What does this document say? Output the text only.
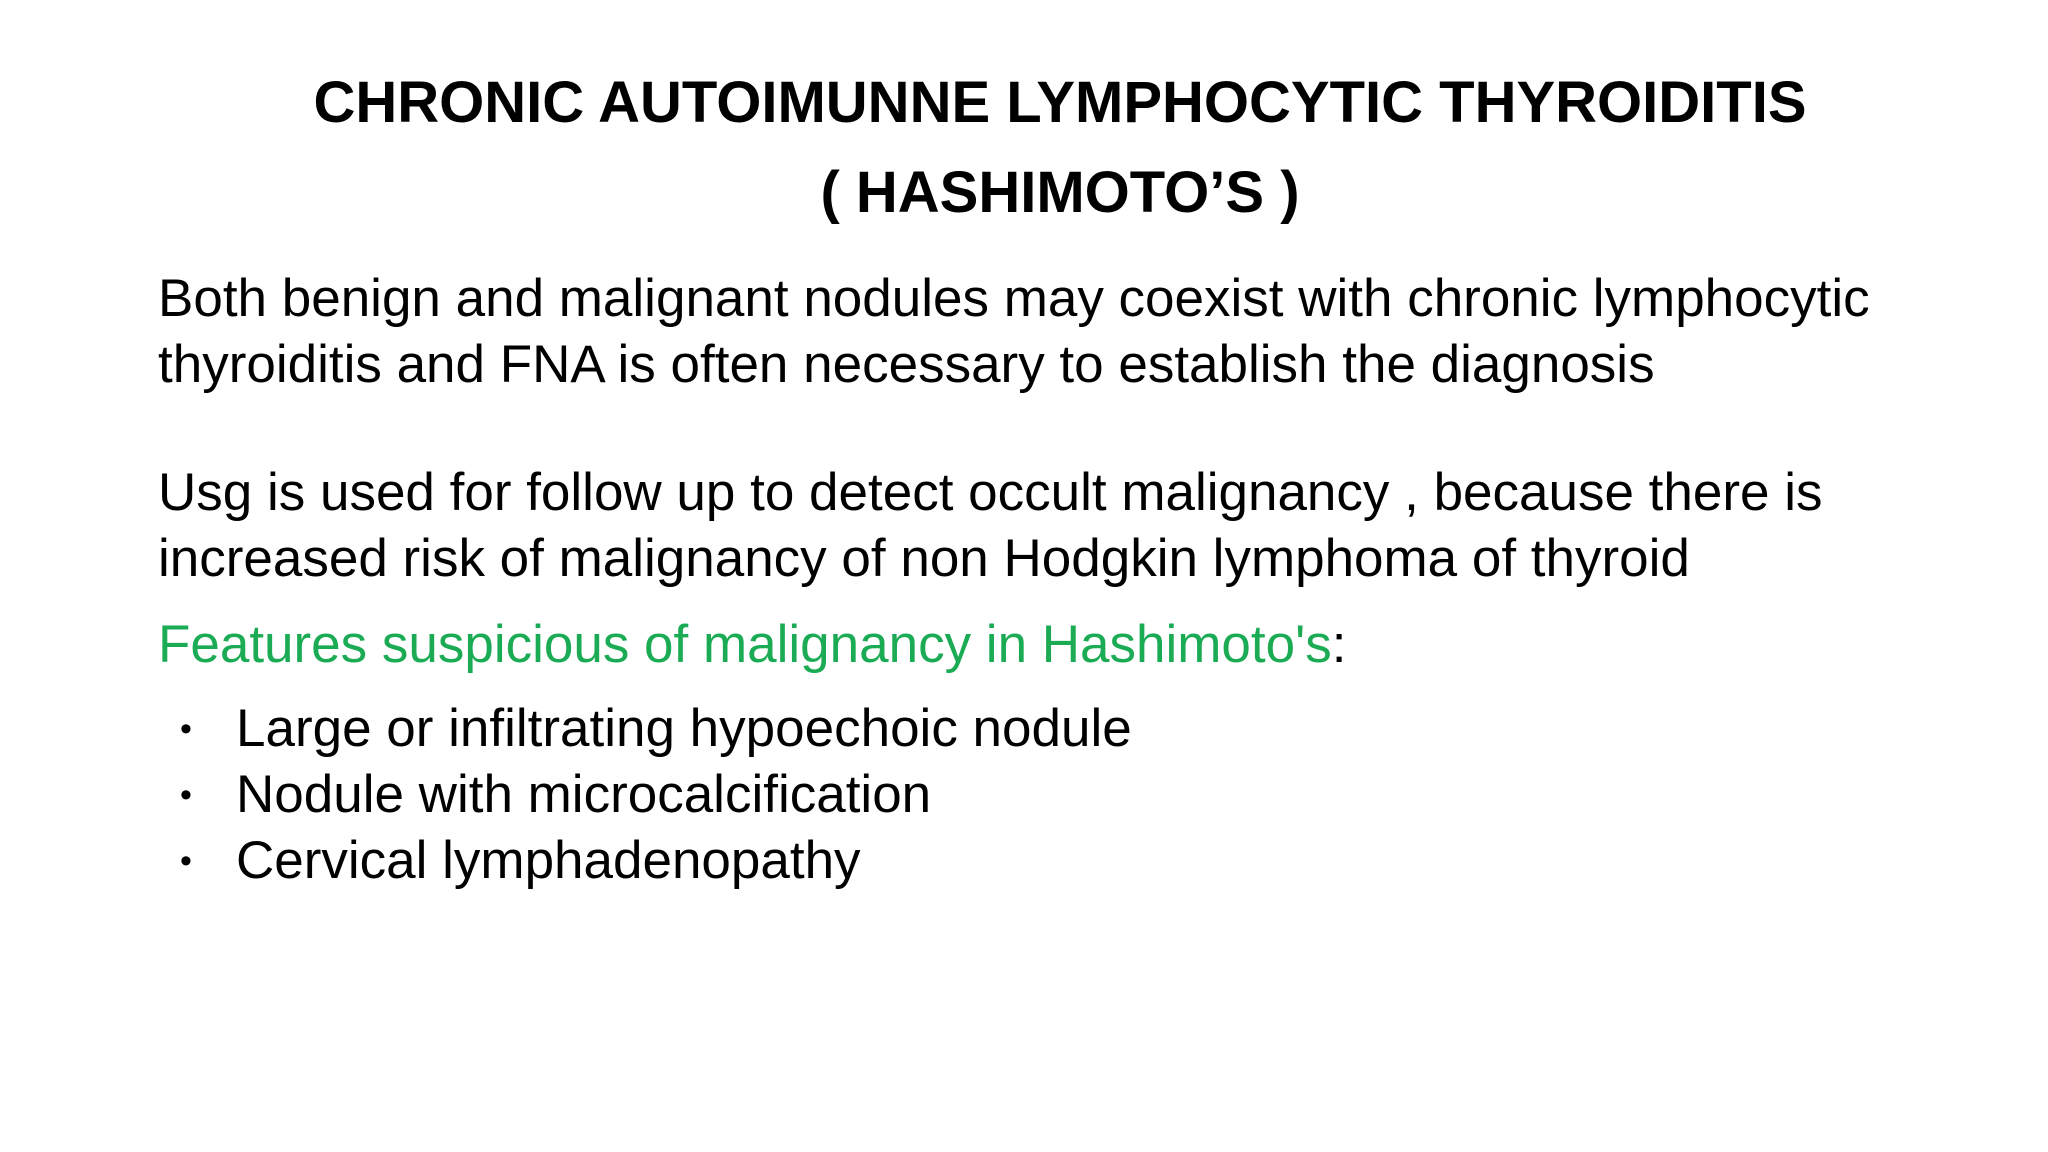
CHRONIC AUTOIMUNNE LYMPHOCYTIC THYROIDITIS
( HASHIMOTO’S )
Both benign and malignant nodules may coexist with chronic lymphocytic
thyroiditis and FNA is often necessary to establish the diagnosis
Usg is used for follow up to detect occult malignancy , because there is
increased risk of malignancy of non Hodgkin lymphoma of thyroid
Features suspicious of malignancy in Hashimoto's:
• Large or infiltrating hypoechoic nodule
• Nodule with microcalcification
• Cervical lymphadenopathy
